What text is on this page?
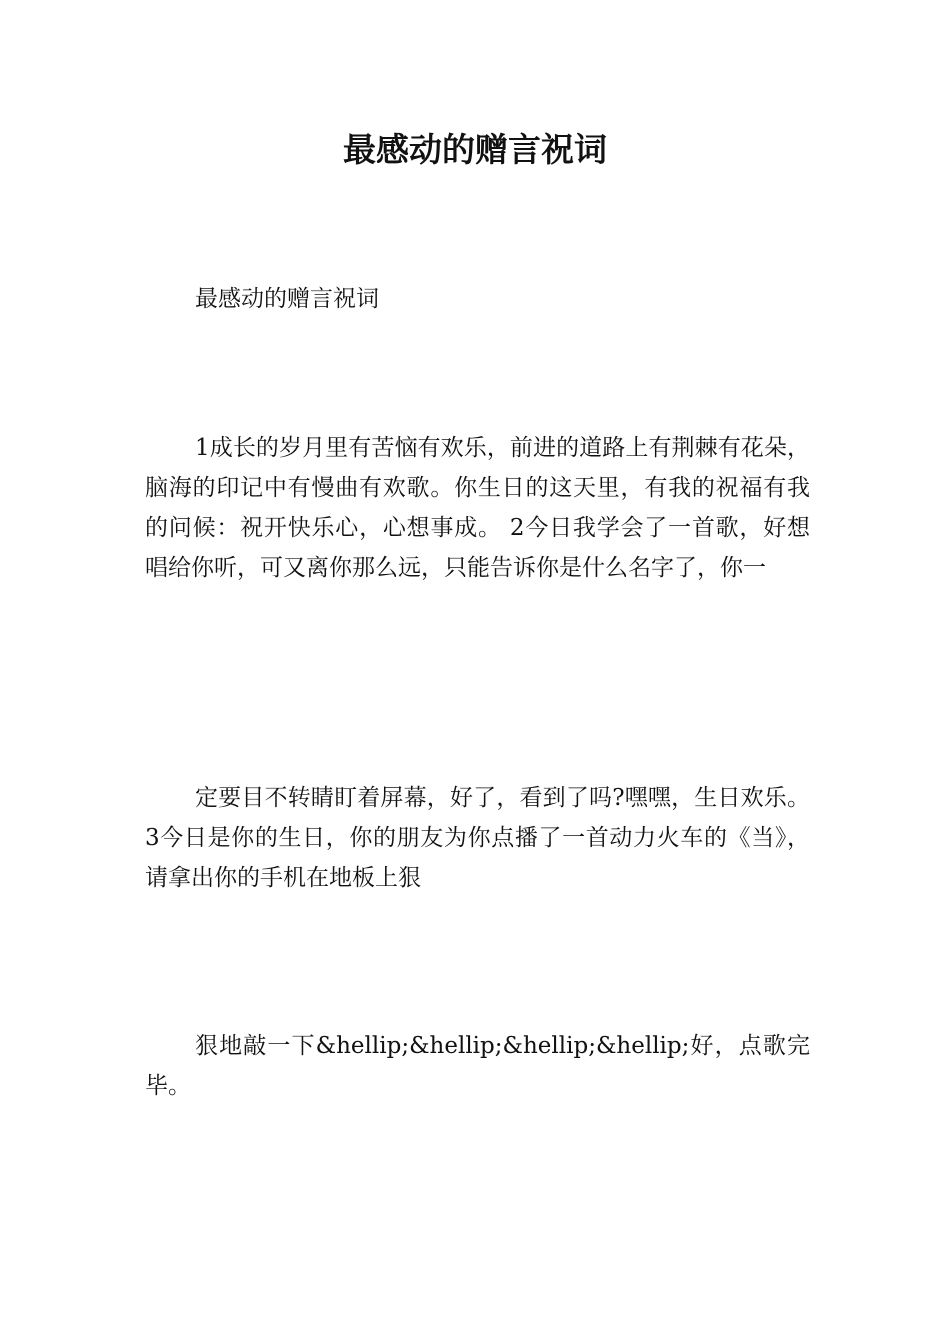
最感动的赠言祝词

最感动的赠言祝词

1成长的岁月里有苦恼有欢乐，前进的道路上有荆棘有花朵，脑海的印记中有慢曲有欢歌。你生日的这天里，有我的祝福有我的问候：祝开快乐心，心想事成。 2今日我学会了一首歌，好想唱给你听，可又离你那么远，只能告诉你是什么名字了，你一

定要目不转睛盯着屏幕，好了，看到了吗?嘿嘿，生日欢乐。 3今日是你的生日，你的朋友为你点播了一首动力火车的《当》，请拿出你的手机在地板上狠

狠地敲一下&hellip;&hellip;&hellip;&hellip;好，点歌完毕。
